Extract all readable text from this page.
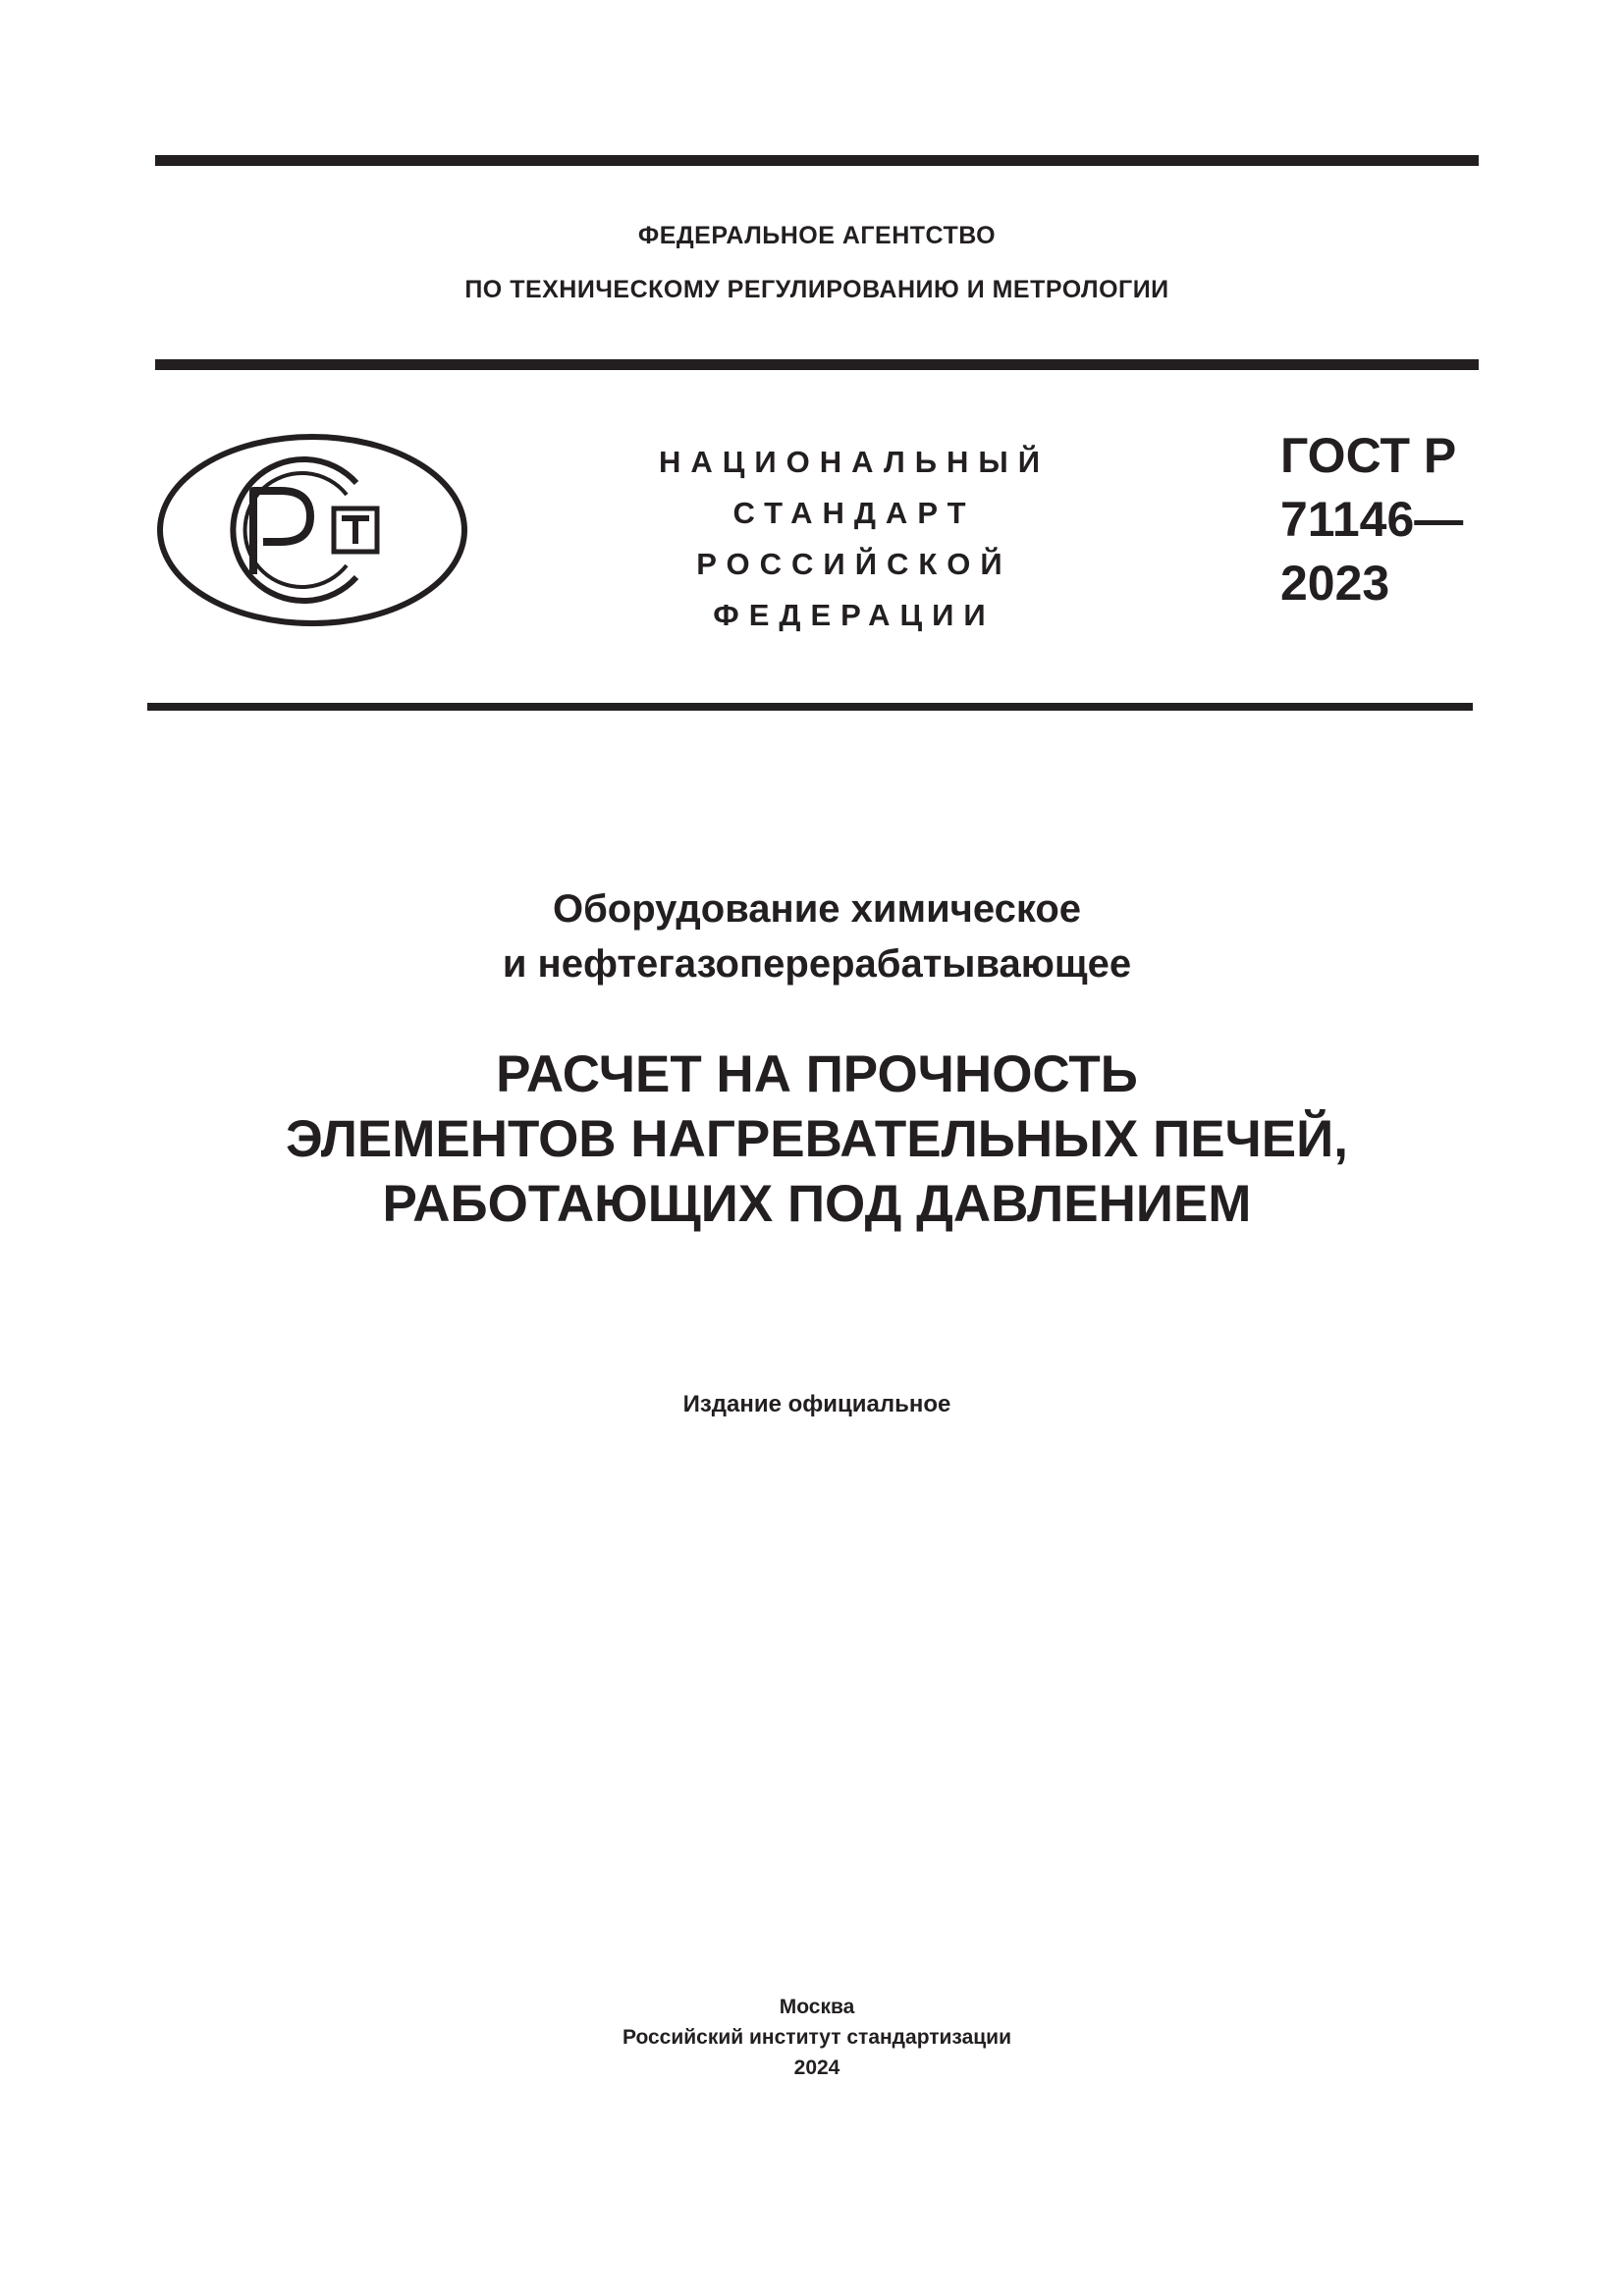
ФЕДЕРАЛЬНОЕ АГЕНТСТВО
ПО ТЕХНИЧЕСКОМУ РЕГУЛИРОВАНИЮ И МЕТРОЛОГИИ
НАЦИОНАЛЬНЫЙ
СТАНДАРТ
РОССИЙСКОЙ
ФЕДЕРАЦИИ
ГОСТ Р
71146—
2023
Оборудование химическое
и нефтегазоперерабатывающее
РАСЧЕТ НА ПРОЧНОСТЬ
ЭЛЕМЕНТОВ НАГРЕВАТЕЛЬНЫХ ПЕЧЕЙ,
РАБОТАЮЩИХ ПОД ДАВЛЕНИЕМ
Издание официальное
Москва
Российский институт стандартизации
2024
